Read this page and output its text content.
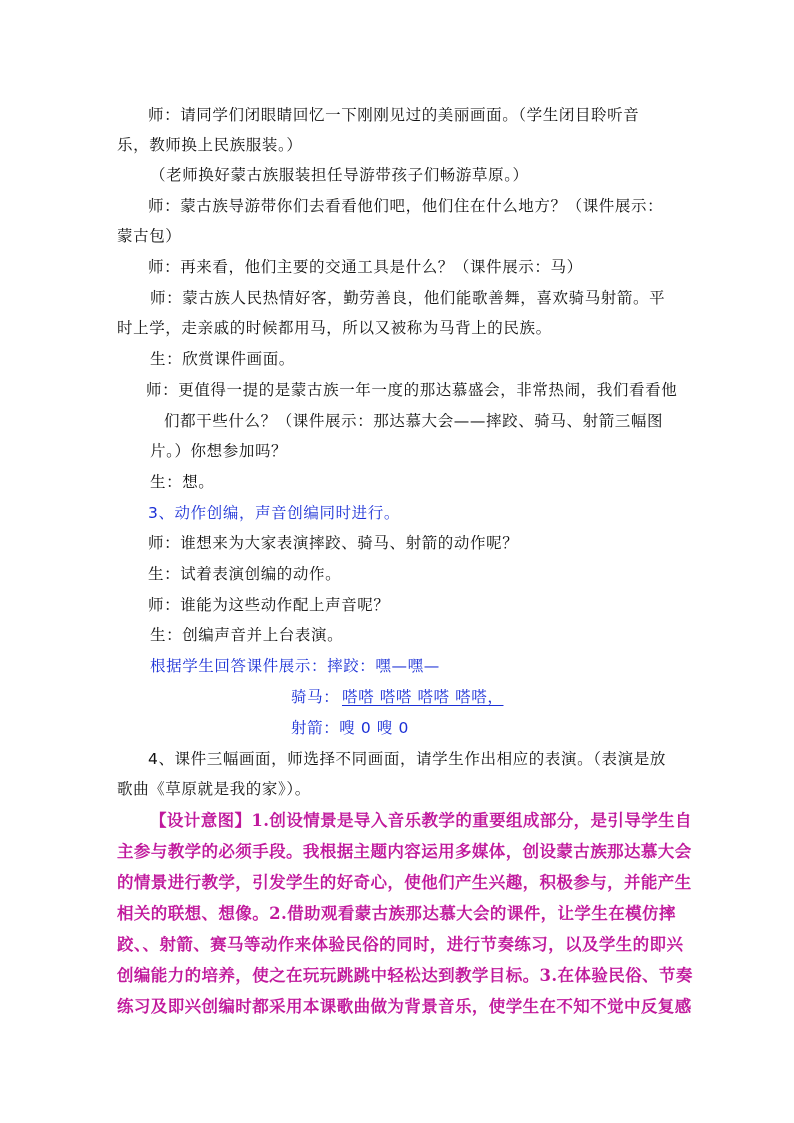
师：请同学们闭眼睛回忆一下刚刚见过的美丽画面。（学生闭目聆听音
乐，教师换上民族服装。）
（老师换好蒙古族服装担任导游带孩子们畅游草原。）
师：蒙古族导游带你们去看看他们吧，他们住在什么地方？（课件展示：
蒙古包）
师：再来看，他们主要的交通工具是什么？（课件展示：马）
师：蒙古族人民热情好客，勤劳善良，他们能歌善舞，喜欢骑马射箭。平
时上学，走亲戚的时候都用马，所以又被称为马背上的民族。
生：欣赏课件画面。
师：更值得一提的是蒙古族一年一度的那达慕盛会，非常热闹，我们看看他
们都干些什么？（课件展示：那达慕大会——摔跤、骑马、射箭三幅图
片。）你想参加吗？
生：想。
3、动作创编，声音创编同时进行。
师：谁想来为大家表演摔跤、骑马、射箭的动作呢？
生：试着表演创编的动作。
师：谁能为这些动作配上声音呢？
生：创编声音并上台表演。
根据学生回答课件展示：摔跤：嘿—嘿—
骑马： 嗒嗒 嗒嗒 嗒嗒 嗒嗒，
射箭：嗖 0 嗖 0
4、课件三幅画面，师选择不同画面，请学生作出相应的表演。（表演是放
歌曲《草原就是我的家》）。
【设计意图】1.创设情景是导入音乐教学的重要组成部分，是引导学生自
主参与教学的必须手段。我根据主题内容运用多媒体，创设蒙古族那达慕大会
的情景进行教学，引发学生的好奇心，使他们产生兴趣，积极参与，并能产生
相关的联想、想像。2.借助观看蒙古族那达慕大会的课件，让学生在模仿摔
跤、、射箭、赛马等动作来体验民俗的同时，进行节奏练习，以及学生的即兴
创编能力的培养，使之在玩玩跳跳中轻松达到教学目标。3.在体验民俗、节奏
练习及即兴创编时都采用本课歌曲做为背景音乐，使学生在不知不觉中反复感
